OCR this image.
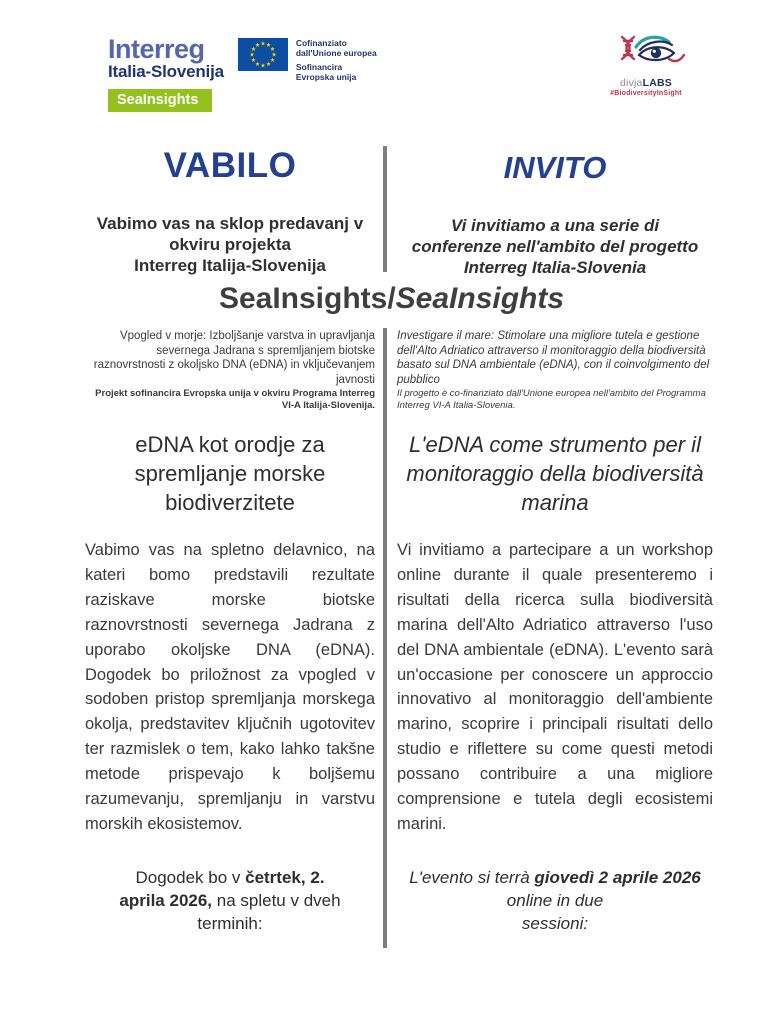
Interreg
Italia-Slovenija
Cofinanziato
dall'Unione europea
Sofinancira
Evropska unija
SeaInsights
divjaLABS
#BiodiversityInSight
VABILO	INVITO

Vabimo vas na sklop predavanj v
okviru projekta
Interreg Italija-Slovenija

Vi invitiamo a una serie di
conferenze nell'ambito del progetto
Interreg Italia-Slovenia

SeaInsights/SeaInsights

Vpogled v morje: Izboljšanje varstva in upravljanja severnega Jadrana s spremljanjem biotske raznovrstnosti z okoljsko DNA (eDNA) in vključevanjem javnosti

Projekt sofinancira Evropska unija v okviru Programa Interreg VI-A Italija-Slovenija.

Investigare il mare: Stimolare una migliore tutela e gestione dell'Alto Adriatico attraverso il monitoraggio della biodiversità basato sul DNA ambientale (eDNA), con il coinvolgimento del pubblico

Il progetto è co-finanziato dall'Unione europea nell'ambito del Programma Interreg VI-A Italia-Slovenia.

eDNA kot orodje za spremljanje morske biodiverzitete
L'eDNA come strumento per il monitoraggio della biodiversità marina

Vabimo vas na spletno delavnico, na kateri bomo predstavili rezultate raziskave morske biotske raznovrstnosti severnega Jadrana z uporabo okoljske DNA (eDNA). Dogodek bo priložnost za vpogled v sodoben pristop spremljanja morskega okolja, predstavitev ključnih ugotovitev ter razmislek o tem, kako lahko takšne metode prispevajo k boljšemu razumevanju, spremljanju in varstvu morskih ekosistemov.

Vi invitiamo a partecipare a un workshop online durante il quale presenteremo i risultati della ricerca sulla biodiversità marina dell'Alto Adriatico attraverso l'uso del DNA ambientale (eDNA). L'evento sarà un'occasione per conoscere un approccio innovativo al monitoraggio dell'ambiente marino, scoprire i principali risultati dello studio e riflettere su come questi metodi possano contribuire a una migliore comprensione e tutela degli ecosistemi marini.

Dogodek bo v četrtek, 2. aprila 2026, na spletu v dveh terminih:

L'evento si terrà giovedì 2 aprile 2026
online in due
sessioni:
